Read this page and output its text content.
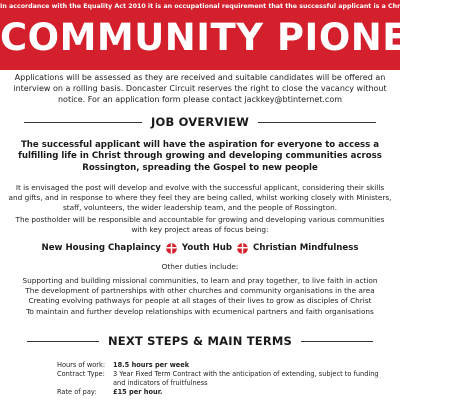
In accordance with the Equality Act 2010 it is an occupational requirement that the successful applicant is a Christian
COMMUNITY PIONEER
Applications will be assessed as they are received and suitable candidates will be offered an interview on a rolling basis. Doncaster Circuit reserves the right to close the vacancy without notice. For an application form please contact jackkey@btinternet.com
JOB OVERVIEW
The successful applicant will have the aspiration for everyone to access a fulfilling life in Christ through growing and developing communities across Rossington, spreading the Gospel to new people
It is envisaged the post will develop and evolve with the successful applicant, considering their skills and gifts, and in response to where they feel they are being called, whilst working closely with Ministers, staff, volunteers, the wider leadership team, and the people of Rossington.
The postholder will be responsible and accountable for growing and developing various communities with key project areas of focus being:
New Housing Chaplaincy Youth Hub Christian Mindfulness
Other duties include:
Supporting and building missional communities, to learn and pray together, to live faith in action
The development of partnerships with other churches and community organisations in the area
Creating evolving pathways for people at all stages of their lives to grow as disciples of Christ
To maintain and further develop relationships with ecumenical partners and faith organisations
NEXT STEPS & MAIN TERMS
Hours of work:	18.5 hours per week
Contract Type:	3 Year Fixed Term Contract with the anticipation of extending, subject to funding and indicators of fruitfulness
Rate of pay:	£15 per hour.
